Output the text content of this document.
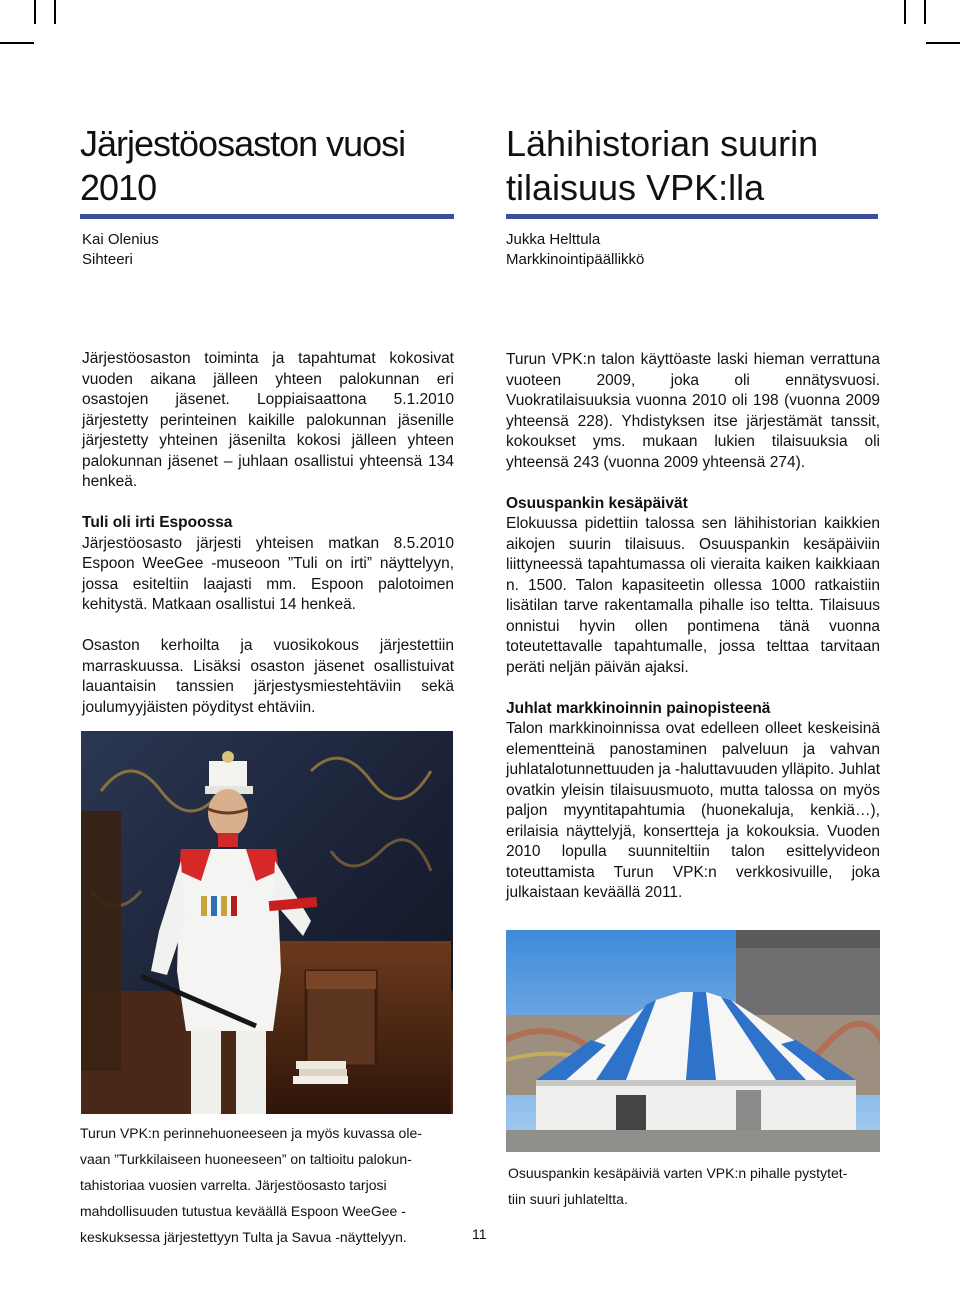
Järjestöosaston vuosi
2010
Kai Olenius
Sihteeri
Lähihistorian suurin
tilaisuus VPK:lla
Jukka Helttula
Markkinointipäällikkö

Järjestöosaston toiminta ja tapahtumat kokosivat vuoden aikana jälleen yhteen palokunnan eri osastojen jäsenet. Loppiaisaattona 5.1.2010 järjestetty perinteinen kaikille palokunnan jäsenille järjestetty yhteinen jäsenilta kokosi jälleen yhteen palokunnan jäsenet – juhlaan osallistui yhteensä 134 henkeä.

Tuli oli irti Espoossa
Järjestöosasto järjesti yhteisen matkan 8.5.2010 Espoon WeeGee -museoon ”Tuli on irti” näyttelyyn, jossa esiteltiin laajasti mm. Espoon palotoimen kehitystä. Matkaan osallistui 14 henkeä.

Osaston kerhoilta ja vuosikokous järjestettiin marraskuussa. Lisäksi osaston jäsenet osallistuivat lauantaisin tanssien järjestysmiestehtäviin sekä joulumyyjäisten pöydityst ehtäviin.

Turun VPK:n perinnehuoneeseen ja myös kuvassa ole-
vaan ”Turkkilaiseen huoneeseen” on taltioitu palokun-
tahistoriaa vuosien varrelta. Järjestöosasto tarjosi
mahdollisuuden tutustua keväällä Espoon WeeGee -
keskuksessa järjestettyyn Tulta ja Savua -näyttelyyn.

Turun VPK:n talon käyttöaste laski hieman verrattuna vuoteen 2009, joka oli ennätysvuosi. Vuokratilaisuuksia vuonna 2010 oli 198 (vuonna 2009 yhteensä 228). Yhdistyksen itse järjestämät tanssit, kokoukset yms. mukaan lukien tilaisuuksia oli yhteensä 243 (vuonna 2009 yhteensä 274).

Osuuspankin kesäpäivät
Elokuussa pidettiin talossa sen lähihistorian kaikkien aikojen suurin tilaisuus. Osuuspankin kesäpäiviin liittyneessä tapahtumassa oli vieraita kaiken kaikkiaan n. 1500. Talon kapasiteetin ollessa 1000 ratkaistiin lisätilan tarve rakentamalla pihalle iso teltta. Tilaisuus onnistui hyvin ollen pontimena tänä vuonna toteutettavalle tapahtumalle, jossa telttaa tarvitaan peräti neljän päivän ajaksi.

Juhlat markkinoinnin painopisteenä
Talon markkinoinnissa ovat edelleen olleet keskeisinä elementteinä panostaminen palveluun ja vahvan juhlatalotunnettuuden ja -haluttavuuden ylläpito. Juhlat ovatkin yleisin tilaisuusmuoto, mutta talossa on myös paljon myyntitapahtumia (huonekaluja, kenkiä…), erilaisia näyttelyjä, konsertteja ja kokouksia. Vuoden 2010 lopulla suunniteltiin talon esittelyvideon toteuttamista Turun VPK:n verkkosivuille, joka julkaistaan keväällä 2011.

Osuuspankin kesäpäiviä varten VPK:n pihalle pystytet-
tiin suuri juhlateltta.
11
